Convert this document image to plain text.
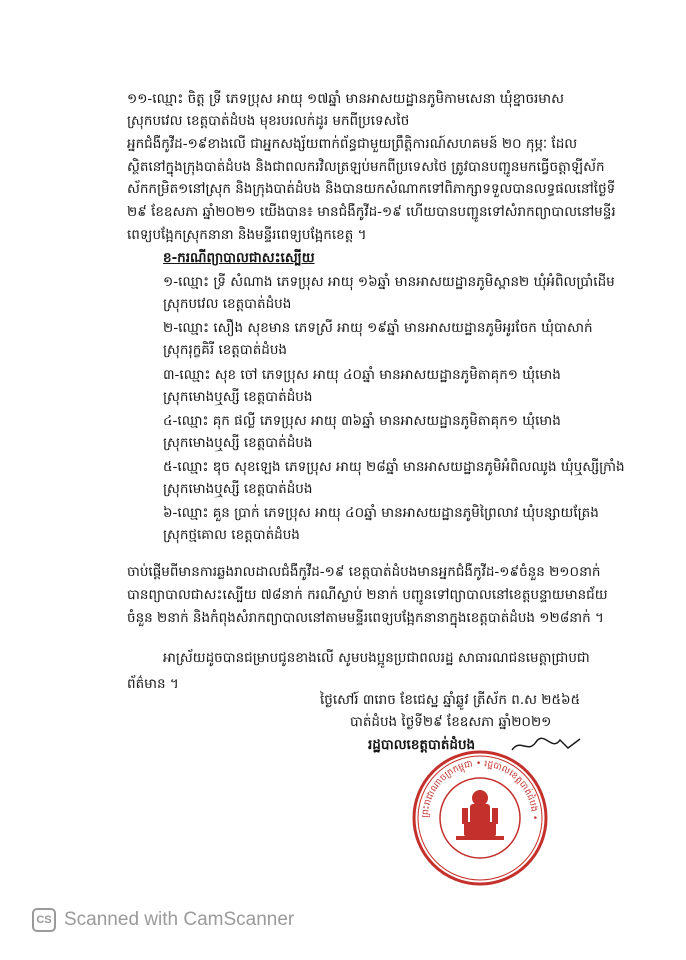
១១-ឈ្មោះ ចិត្ត ទ្រី ភេទប្រុស អាយុ ១៧ឆ្នាំ មានអាសយដ្ឋានភូមិកាមសេនា ឃុំខ្នាចរមាស
ស្រុកបវេល ខេត្តបាត់ដំបង មុខរបរលក់ដូរ មកពីប្រទេសថៃ
អ្នកជំងឺកូវីដ-១៩ខាងលើ ជាអ្នកសង្ស័យពាក់ព័ន្ធជាមួយព្រឹត្តិការណ៍សហគមន៍ ២០ កុម្ភៈ ដែល
ស្ថិតនៅក្នុងក្រុងបាត់ដំបង និងជាពលករវិលត្រឡប់មកពីប្រទេសថៃ ត្រូវបានបញ្ជូនមកធ្វើចត្តាឡីស័ក
ស័កកម្រិត១នៅស្រុក និងក្រុងបាត់ដំបង និងបានយកសំណាកទៅពិភាក្សាទទួលបានលទ្ធផលនៅថ្ងៃទី
២៩ ខែឧសភា ឆ្នាំ២០២១ យើងបាន៖ មានជំងឺកូវីដ-១៩ ហើយបានបញ្ជូនទៅសំរាកព្យាបាលនៅមន្ទីរ
ពេទ្យបង្អែកស្រុកនានា និងមន្ទីរពេទ្យបង្អែកខេត្ត ។
ខ-ករណីព្យាបាលជាសះស្បើយ
១-ឈ្មោះ ទ្រី សំណាង ភេទប្រុស អាយុ ១៦ឆ្នាំ មានអាសយដ្ឋានភូមិស្ពាន២ ឃុំអំពិលប្រាំដើម
ស្រុកបវេល ខេត្តបាត់ដំបង
២-ឈ្មោះ សឿង សុខមាន ភេទស្រី អាយុ ១៩ឆ្នាំ មានអាសយដ្ឋានភូមិអូរចែក ឃុំបាសាក់
ស្រុករុក្ខគិរី ខេត្តបាត់ដំបង
៣-ឈ្មោះ សុខ ចៅ ភេទប្រុស អាយុ ៤០ឆ្នាំ មានអាសយដ្ឋានភូមិតាគុក១ ឃុំមោង
ស្រុកមោងឬស្សី ខេត្តបាត់ដំបង
៤-ឈ្មោះ គុក ផល្លី ភេទប្រុស អាយុ ៣៦ឆ្នាំ មានអាសយដ្ឋានភូមិតាគុក១ ឃុំមោង
ស្រុកមោងឬស្សី ខេត្តបាត់ដំបង
៥-ឈ្មោះ ឌុច សុខឡេង ភេទប្រុស អាយុ ២៨ឆ្នាំ មានអាសយដ្ឋានភូមិអំពិលឈូង ឃុំឬស្សីក្រាំង
ស្រុកមោងឬស្សី ខេត្តបាត់ដំបង
៦-ឈ្មោះ គួន ប្រាក់ ភេទប្រុស អាយុ ៤០ឆ្នាំ មានអាសយដ្ឋានភូមិព្រៃលាវ ឃុំបន្សាយត្រែង
ស្រុកថ្មគោល ខេត្តបាត់ដំបង
ចាប់ផ្តើមពីមានការឆ្លងរាលដាលជំងឺកូវីដ-១៩ ខេត្តបាត់ដំបងមានអ្នកជំងឺកូវីដ-១៩ចំនួន ២១០នាក់
បានព្យាបាលជាសះស្បើយ ៧៨នាក់ ករណីស្លាប់ ២នាក់ បញ្ជូនទៅព្យាបាលនៅខេត្តបន្ទាយមានជ័យ
ចំនួន ២នាក់ និងកំពុងសំរាកព្យាបាលនៅតាមមន្ទីរពេទ្យបង្អែកនានាក្នុងខេត្តបាត់ដំបង ១២៨នាក់ ។
អាស្រ័យដូចបានជម្រាបជូនខាងលើ សូមបងប្អូនប្រជាពលរដ្ឋ សាធារណជនមេត្តាជ្រាបជា
ព័ត៌មាន ។
ថ្ងៃសៅរ៍ ៣រោច ខែជេស្ឋ ឆ្នាំឆ្លូវ ត្រីស័ក ព.ស ២៥៦៥
បាត់ដំបង ថ្ងៃទី២៩ ខែឧសភា ឆ្នាំ២០២១
រដ្ឋបាលខេត្តបាត់ដំបង
ព្រះរាជាណាចក្រកម្ពុជា • រដ្ឋបាលខេត្តបាត់ដំបង •
CS Scanned with CamScanner
